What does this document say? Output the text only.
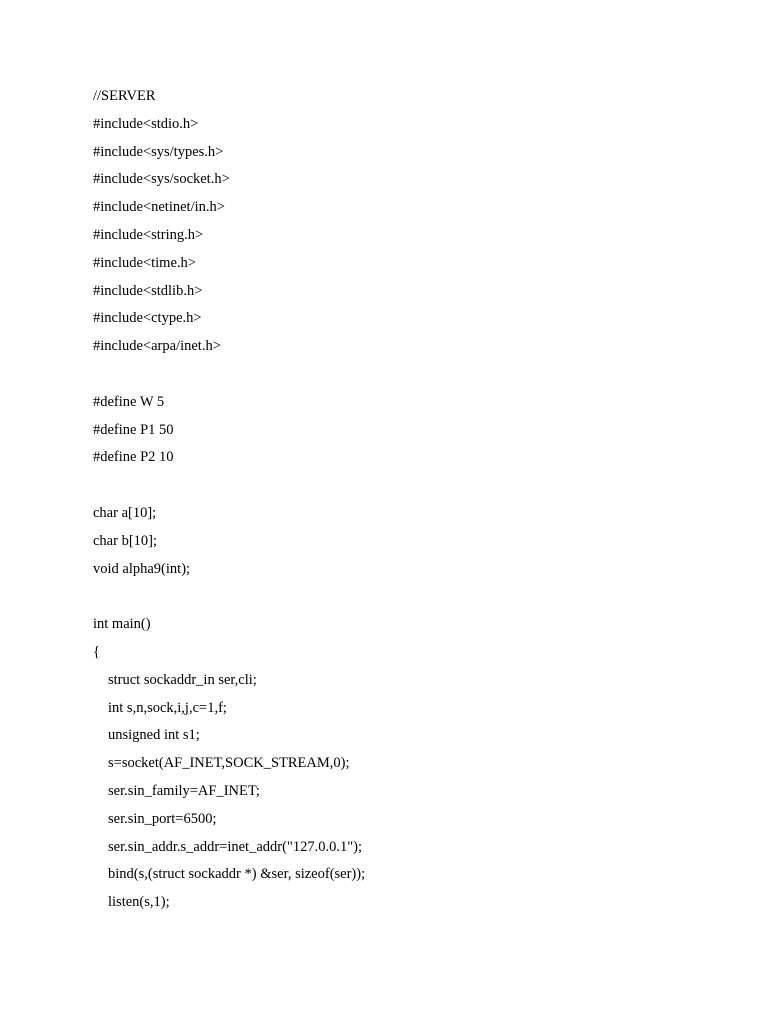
//SERVER
#include<stdio.h>
#include<sys/types.h>
#include<sys/socket.h>
#include<netinet/in.h>
#include<string.h>
#include<time.h>
#include<stdlib.h>
#include<ctype.h>
#include<arpa/inet.h>
#define W 5
#define P1 50
#define P2 10
char a[10];
char b[10];
void alpha9(int);
int main()
{
struct sockaddr_in ser,cli;
int s,n,sock,i,j,c=1,f;
unsigned int s1;
s=socket(AF_INET,SOCK_STREAM,0);
ser.sin_family=AF_INET;
ser.sin_port=6500;
ser.sin_addr.s_addr=inet_addr("127.0.0.1");
bind(s,(struct sockaddr *) &ser, sizeof(ser));
listen(s,1);
